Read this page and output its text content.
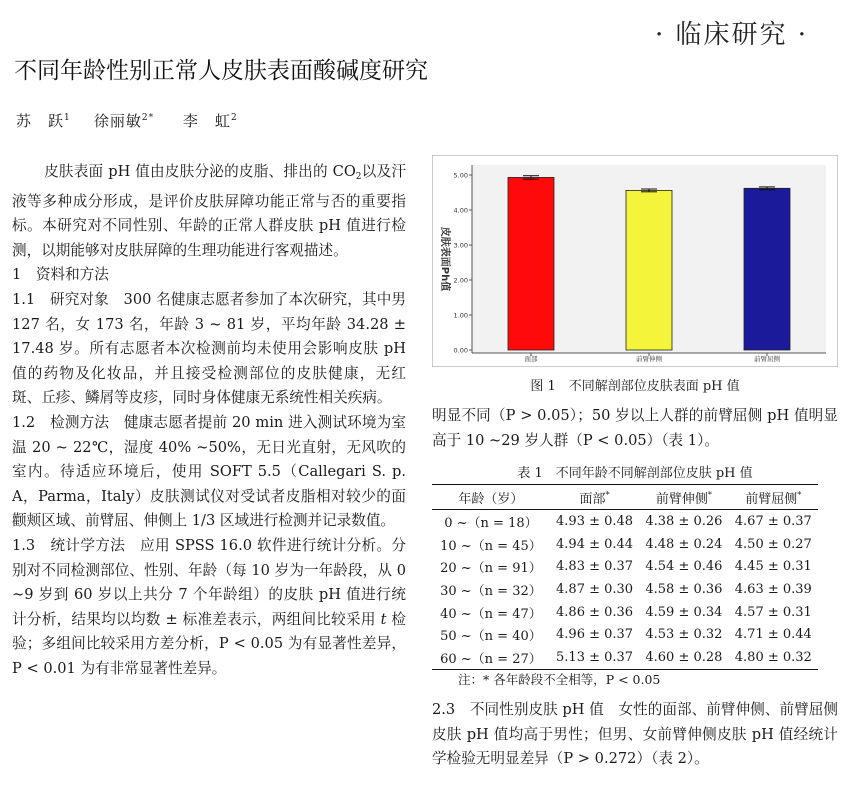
· 临床研究 ·
不同年龄性别正常人皮肤表面酸碱度研究
苏　跃$^1$ 徐丽敏$^{2*}$ 李　虹$^2$

皮肤表面 pH 值由皮肤分泌的皮脂、排出的 $CO_2$以及汗液等多种成分形成，是评价皮肤屏障功能正常与否的重要指标。本研究对不同性别、年龄的正常人群皮肤 pH 值进行检测，以期能够对皮肤屏障的生理功能进行客观描述。

1　资料和方法

1.1　研究对象　300 名健康志愿者参加了本次研究，其中男 127 名，女 173 名，年龄 3 ~ 81 岁，平均年龄 34.28 ± 17.48 岁。所有志愿者本次检测前均未使用会影响皮肤 pH 值的药物及化妆品，并且接受检测部位的皮肤健康，无红斑、丘疹、鳞屑等皮疹，同时身体健康无系统性相关疾病。

1.2　检测方法　健康志愿者提前 20 min 进入测试环境为室温 20 ~ 22℃，湿度 40% ~50%，无日光直射，无风吹的室内。待适应环境后，使用 SOFT 5.5（Callegari S. p. A，Parma，Italy）皮肤测试仪对受试者皮脂相对较少的面颧颊区域、前臂屈、伸侧上 1/3 区域进行检测并记录数值。

1.3　统计学方法　应用 SPSS 16.0 软件进行统计分析。分别对不同检测部位、性别、年龄（每 10 岁为一年龄段，从 0 ~9 岁到 60 岁以上共分 7 个年龄组）的皮肤 pH 值进行统计分析，结果均以均数 ± 标准差表示，两组间比较采用 t 检验；多组间比较采用方差分析，P < 0.05 为有显著性差异，P < 0.01 为有非常显著性差异。

皮肤表面Ph值
0.00
1.00
2.00
3.00
4.00
5.00
面部	前臂伸侧	前臂屈侧
图 1　不同解剖部位皮肤表面 pH 值
明显不同（P > 0.05）；50 岁以上人群的前臂屈侧 pH 值明显高于 10 ~29 岁人群（P < 0.05）（表 1）。
表 1　不同年龄不同解剖部位皮肤 pH 值
年龄（岁）	面部*	前臂伸侧*	前臂屈侧*
0 ~（n = 18）	4.93 ± 0.48	4.38 ± 0.26	4.67 ± 0.37
10 ~（n = 45）	4.94 ± 0.44	4.48 ± 0.24	4.50 ± 0.27
20 ~（n = 91）	4.83 ± 0.37	4.54 ± 0.46	4.45 ± 0.31
30 ~（n = 32）	4.87 ± 0.30	4.58 ± 0.36	4.63 ± 0.39
40 ~（n = 47）	4.86 ± 0.36	4.59 ± 0.34	4.57 ± 0.31
50 ~（n = 40）	4.96 ± 0.37	4.53 ± 0.32	4.71 ± 0.44
60 ~（n = 27）	5.13 ± 0.37	4.60 ± 0.28	4.80 ± 0.32
注：* 各年龄段不全相等，P < 0.05
2.3　不同性别皮肤 pH 值　女性的面部、前臂伸侧、前臂屈侧皮肤 pH 值均高于男性；但男、女前臂伸侧皮肤 pH 值经统计学检验无明显差异（P > 0.272）（表 2）。
